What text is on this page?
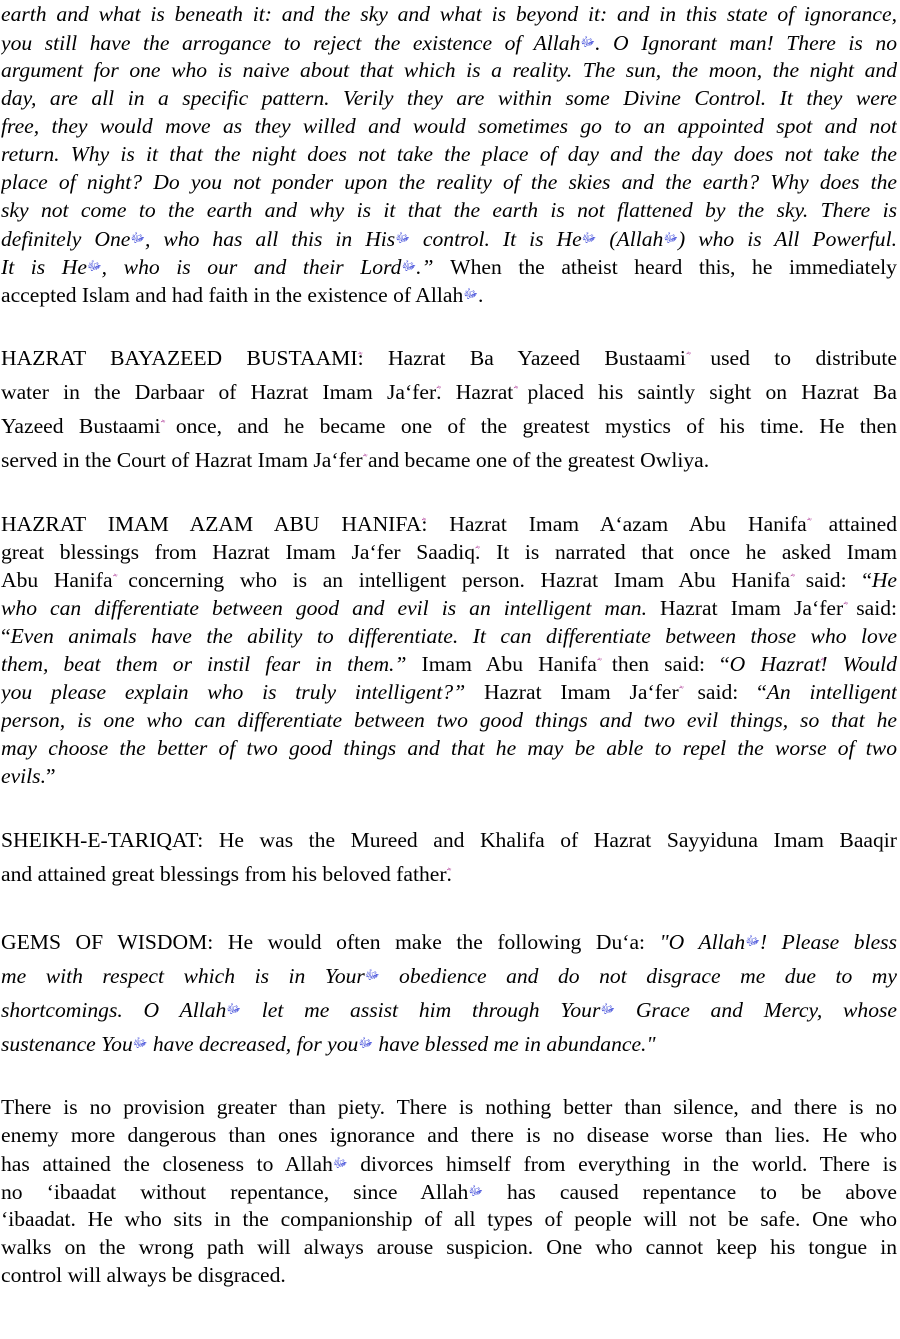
earth and what is beneath it: and the sky and what is beyond it: and in this state of ignorance,
you still have the arrogance to reject the existence of Allahﷻ. O Ignorant man! There is no
argument for one who is naive about that which is a reality. The sun, the moon, the night and
day, are all in a specific pattern. Verily they are within some Divine Control. It they were
free, they would move as they willed and would sometimes go to an appointed spot and not
return. Why is it that the night does not take the place of day and the day does not take the
place of night? Do you not ponder upon the reality of the skies and the earth? Why does the
sky not come to the earth and why is it that the earth is not flattened by the sky. There is
definitely Oneﷻ, who has all this in Hisﷻ control. It is Heﷻ (Allahﷻ) who is All Powerful.
It is Heﷻ, who is our and their Lordﷻ.” When the atheist heard this, he immediately
accepted Islam and had faith in the existence of Allahﷻ.
HAZRAT BAYAZEED BUSTAAMI: Hazrat Ba Yazeed Bustaami used to distribute
water in the Darbaar of Hazrat Imam Ja‘fer. Hazrat placed his saintly sight on Hazrat Ba
Yazeed Bustaami once, and he became one of the greatest mystics of his time. He then
served in the Court of Hazrat Imam Ja‘fer and became one of the greatest Owliya.
HAZRAT IMAM AZAM ABU HANIFA: Hazrat Imam A‘azam Abu Hanifa attained
great blessings from Hazrat Imam Ja‘fer Saadiq. It is narrated that once he asked Imam
Abu Hanifa concerning who is an intelligent person. Hazrat Imam Abu Hanifa said: “He
who can differentiate between good and evil is an intelligent man. Hazrat Imam Ja‘fer said:
“Even animals have the ability to differentiate. It can differentiate between those who love
them, beat them or instil fear in them.” Imam Abu Hanifa then said: “O Hazrat! Would
you please explain who is truly intelligent?” Hazrat Imam Ja‘fer said: “An intelligent
person, is one who can differentiate between two good things and two evil things, so that he
may choose the better of two good things and that he may be able to repel the worse of two
evils.”
SHEIKH-E-TARIQAT: He was the Mureed and Khalifa of Hazrat Sayyiduna Imam Baaqir
and attained great blessings from his beloved father.
GEMS OF WISDOM: He would often make the following Du‘a: "O Allahﷻ! Please bless
me with respect which is in Yourﷻ obedience and do not disgrace me due to my
shortcomings. O Allahﷻ let me assist him through Yourﷻ Grace and Mercy, whose
sustenance Youﷻ have decreased, for youﷻ have blessed me in abundance."
There is no provision greater than piety. There is nothing better than silence, and there is no
enemy more dangerous than ones ignorance and there is no disease worse than lies. He who
has attained the closeness to Allahﷻ divorces himself from everything in the world. There is
no ‘ibaadat without repentance, since Allahﷻ has caused repentance to be above
‘ibaadat. He who sits in the companionship of all types of people will not be safe. One who
walks on the wrong path will always arouse suspicion. One who cannot keep his tongue in
control will always be disgraced.
